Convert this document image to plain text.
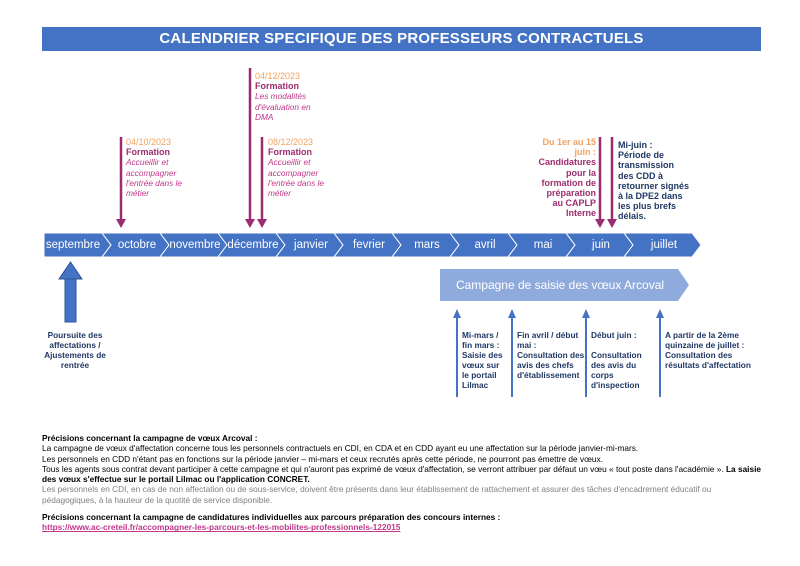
CALENDRIER SPECIFIQUE DES PROFESSEURS CONTRACTUELS
septembre	octobre	novembre décembre	janvier	fevrier	mars	avril	mai	juin	juillet
04/10/2023
Formation
Accueillir et accompagner l'entrée dans le métier
04/12/2023
Formation
Les modalités d'évaluation en DMA
08/12/2023
Formation
Accueillir et accompagner l'entrée dans le métier
Du 1er au 15 juin :
Candidatures pour la formation de préparation au CAPLP Interne
Mi-juin :
Période de transmission des CDD à retourner signés à la DPE2 dans les plus brefs délais.
Poursuite des affectations / Ajustements de rentrée
Campagne de saisie des vœux Arcoval
Mi-mars / fin mars :
Saisie des vœux sur le portail Lilmac
Fin avril / début mai :
Consultation des avis des chefs d'établissement
Début juin :
Consultation des avis du corps d'inspection
A partir de la 2ème quinzaine de juillet :
Consultation des résultats d'affectation
Précisions concernant la campagne de vœux Arcoval :
La campagne de vœux d'affectation concerne tous les personnels contractuels en CDI, en CDA et en CDD ayant eu une affectation sur la période janvier-mi-mars.
Les personnels en CDD n'étant pas en fonctions sur la période janvier – mi-mars et ceux recrutés après cette période, ne pourront pas émettre de vœux.
Tous les agents sous contrat devant participer à cette campagne et qui n'auront pas exprimé de vœux d'affectation, se verront attribuer par défaut un vœu « tout poste dans l'académie ». La saisie des vœux s'effectue sur le portail Lilmac ou l'application CONCRET.
Les personnels en CDI, en cas de non affectation ou de sous-service, doivent être présents dans leur établissement de rattachement et assurer des tâches d'encadrement éducatif ou pédagogiques, à la hauteur de la quotité de service disponible.
Précisions concernant la campagne de candidatures individuelles aux parcours préparation des concours internes :
https://www.ac-creteil.fr/accompagner-les-parcours-et-les-mobilites-professionnels-122015
